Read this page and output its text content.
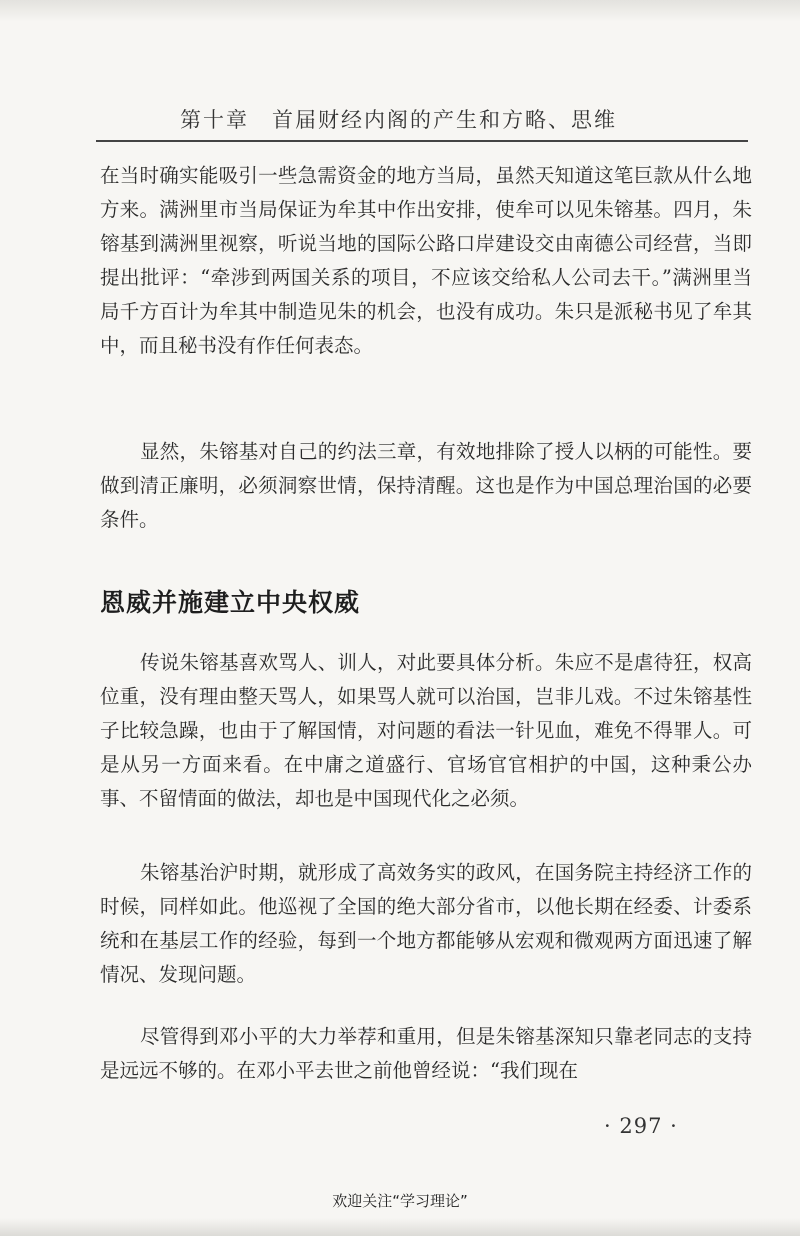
第十章　首届财经内阁的产生和方略、思维

在当时确实能吸引一些急需资金的地方当局，虽然天知道这笔巨款从什么地方来。满洲里市当局保证为牟其中作出安排，使牟可以见朱镕基。四月，朱镕基到满洲里视察，听说当地的国际公路口岸建设交由南德公司经营，当即提出批评：“牵涉到两国关系的项目，不应该交给私人公司去干。”满洲里当局千方百计为牟其中制造见朱的机会，也没有成功。朱只是派秘书见了牟其中，而且秘书没有作任何表态。

显然，朱镕基对自己的约法三章，有效地排除了授人以柄的可能性。要做到清正廉明，必须洞察世情，保持清醒。这也是作为中国总理治国的必要条件。

恩威并施建立中央权威

传说朱镕基喜欢骂人、训人，对此要具体分析。朱应不是虐待狂，权高位重，没有理由整天骂人，如果骂人就可以治国，岂非儿戏。不过朱镕基性子比较急躁，也由于了解国情，对问题的看法一针见血，难免不得罪人。可是从另一方面来看。在中庸之道盛行、官场官官相护的中国，这种秉公办事、不留情面的做法，却也是中国现代化之必须。

朱镕基治沪时期，就形成了高效务实的政风，在国务院主持经济工作的时候，同样如此。他巡视了全国的绝大部分省市，以他长期在经委、计委系统和在基层工作的经验，每到一个地方都能够从宏观和微观两方面迅速了解情况、发现问题。

尽管得到邓小平的大力举荐和重用，但是朱镕基深知只靠老同志的支持是远远不够的。在邓小平去世之前他曾经说：“我们现在

· 297 ·
欢迎关注“学习理论”
